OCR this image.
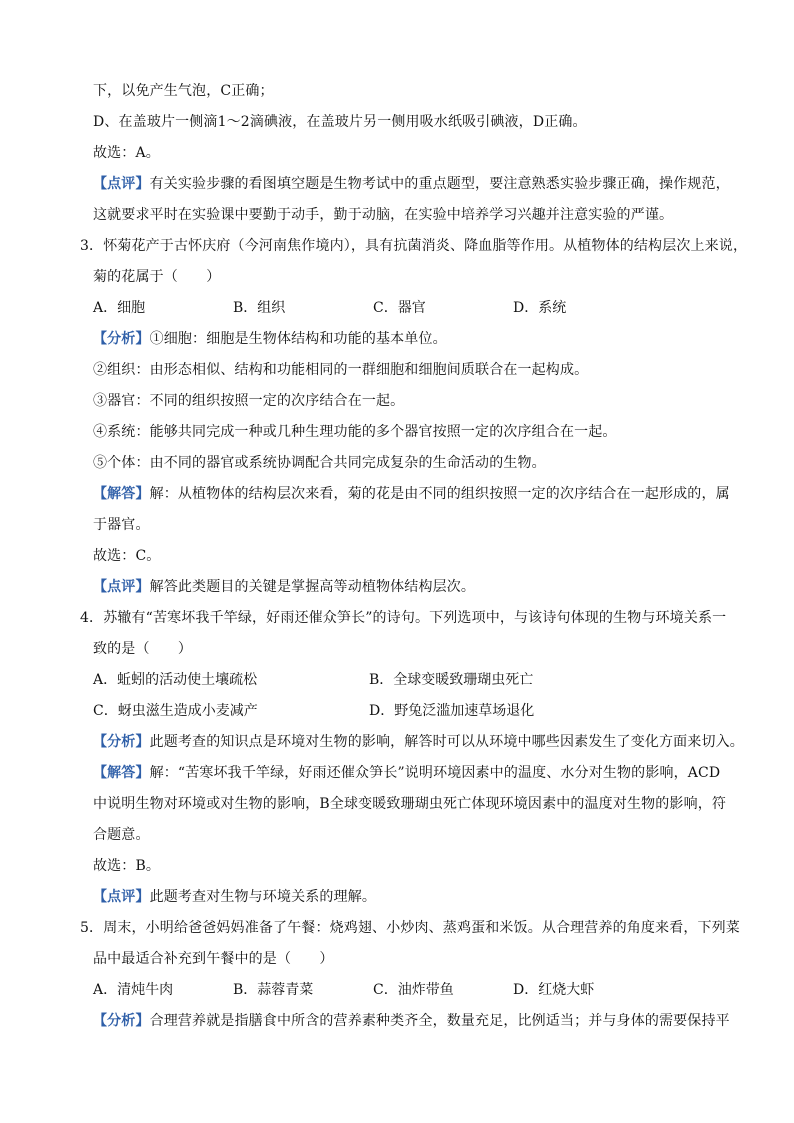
下，以免产生气泡，C正确；

D、在盖玻片一侧滴1～2滴碘液，在盖玻片另一侧用吸水纸吸引碘液，D正确。

故选：A。

【点评】有关实验步骤的看图填空题是生物考试中的重点题型，要注意熟悉实验步骤正确，操作规范，

这就要求平时在实验课中要勤于动手，勤于动脑，在实验中培养学习兴趣并注意实验的严谨。

3．怀菊花产于古怀庆府（今河南焦作境内），具有抗菌消炎、降血脂等作用。从植物体的结构层次上来说，

菊的花属于（　　）

A．细胞	B．组织	C．器官	D．系统

【分析】①细胞：细胞是生物体结构和功能的基本单位。

②组织：由形态相似、结构和功能相同的一群细胞和细胞间质联合在一起构成。

③器官：不同的组织按照一定的次序结合在一起。

④系统：能够共同完成一种或几种生理功能的多个器官按照一定的次序组合在一起。

⑤个体：由不同的器官或系统协调配合共同完成复杂的生命活动的生物。

【解答】解：从植物体的结构层次来看，菊的花是由不同的组织按照一定的次序结合在一起形成的，属

于器官。

故选：C。

【点评】解答此类题目的关键是掌握高等动植物体结构层次。

4．苏辙有“苦寒坏我千竿绿，好雨还催众笋长”的诗句。下列选项中，与该诗句体现的生物与环境关系一

致的是（　　）

A．蚯蚓的活动使土壤疏松	B．全球变暖致珊瑚虫死亡
C．蚜虫滋生造成小麦减产	D．野兔泛滥加速草场退化

【分析】此题考查的知识点是环境对生物的影响，解答时可以从环境中哪些因素发生了变化方面来切入。

【解答】解：“苦寒坏我千竿绿，好雨还催众笋长”说明环境因素中的温度、水分对生物的影响，ACD

中说明生物对环境或对生物的影响，B全球变暖致珊瑚虫死亡体现环境因素中的温度对生物的影响，符

合题意。

故选：B。

【点评】此题考查对生物与环境关系的理解。

5．周末，小明给爸爸妈妈准备了午餐：烧鸡翅、小炒肉、蒸鸡蛋和米饭。从合理营养的角度来看，下列菜

品中最适合补充到午餐中的是（　　）

A．清炖牛肉	B．蒜蓉青菜	C．油炸带鱼	D．红烧大虾

【分析】合理营养就是指膳食中所含的营养素种类齐全，数量充足，比例适当；并与身体的需要保持平
